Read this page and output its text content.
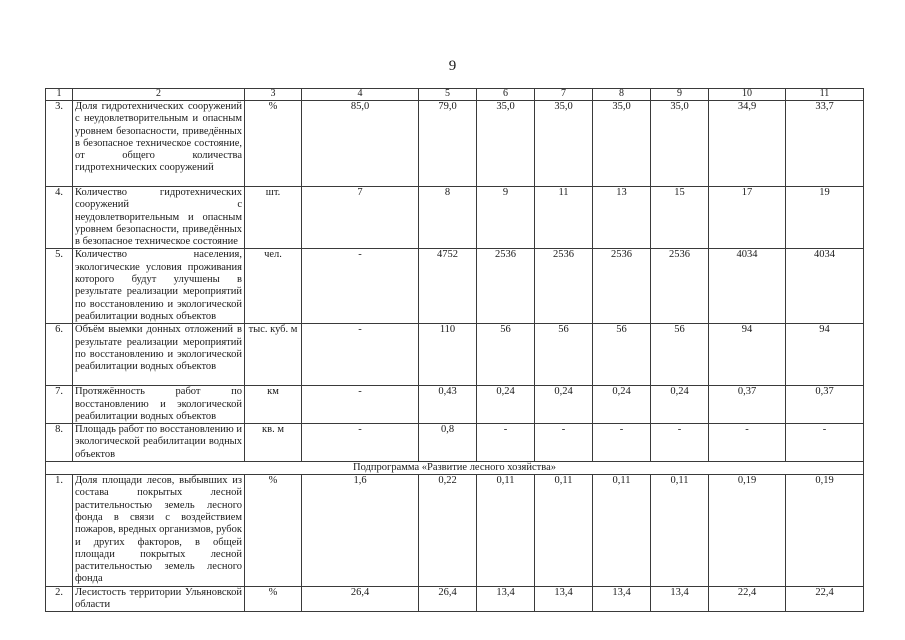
9
1	2	3	4	5	6	7	8	9	10	11
3.	Доля гидротехнических сооружений с неудовлетворительным и опасным уровнем безопасности, приведённых в безопасное техническое состояние, от общего количества гидротехнических сооружений	%	85,0	79,0	35,0	35,0	35,0	35,0	34,9	33,7
4.	Количество гидротехнических сооружений с неудовлетворительным и опасным уровнем безопасности, приведённых в безопасное техническое состояние	шт.	7	8	9	11	13	15	17	19
5.	Количество населения, экологические условия проживания которого будут улучшены в результате реализации мероприятий по восстановлению и экологической реабилитации водных объектов	чел.	-	4752	2536	2536	2536	2536	4034	4034
6.	Объём выемки донных отложений в результате реализации мероприятий по восстановлению и экологической реабилитации водных объектов	тыс. куб. м	-	110	56	56	56	56	94	94
7.	Протяжённость работ по восстановлению и экологической реабилитации водных объектов	км	-	0,43	0,24	0,24	0,24	0,24	0,37	0,37
8.	Площадь работ по восстановлению и экологической реабилитации водных объектов	кв. м	-	0,8	-	-	-	-	-	-
Подпрограмма «Развитие лесного хозяйства»										
1.	Доля площади лесов, выбывших из состава покрытых лесной растительностью земель лесного фонда в связи с воздействием пожаров, вредных организмов, рубок и других факторов, в общей площади покрытых лесной растительностью земель лесного фонда	%	1,6	0,22	0,11	0,11	0,11	0,11	0,19	0,19
2.	Лесистость территории Ульяновской области	%	26,4	26,4	13,4	13,4	13,4	13,4	22,4	22,4
